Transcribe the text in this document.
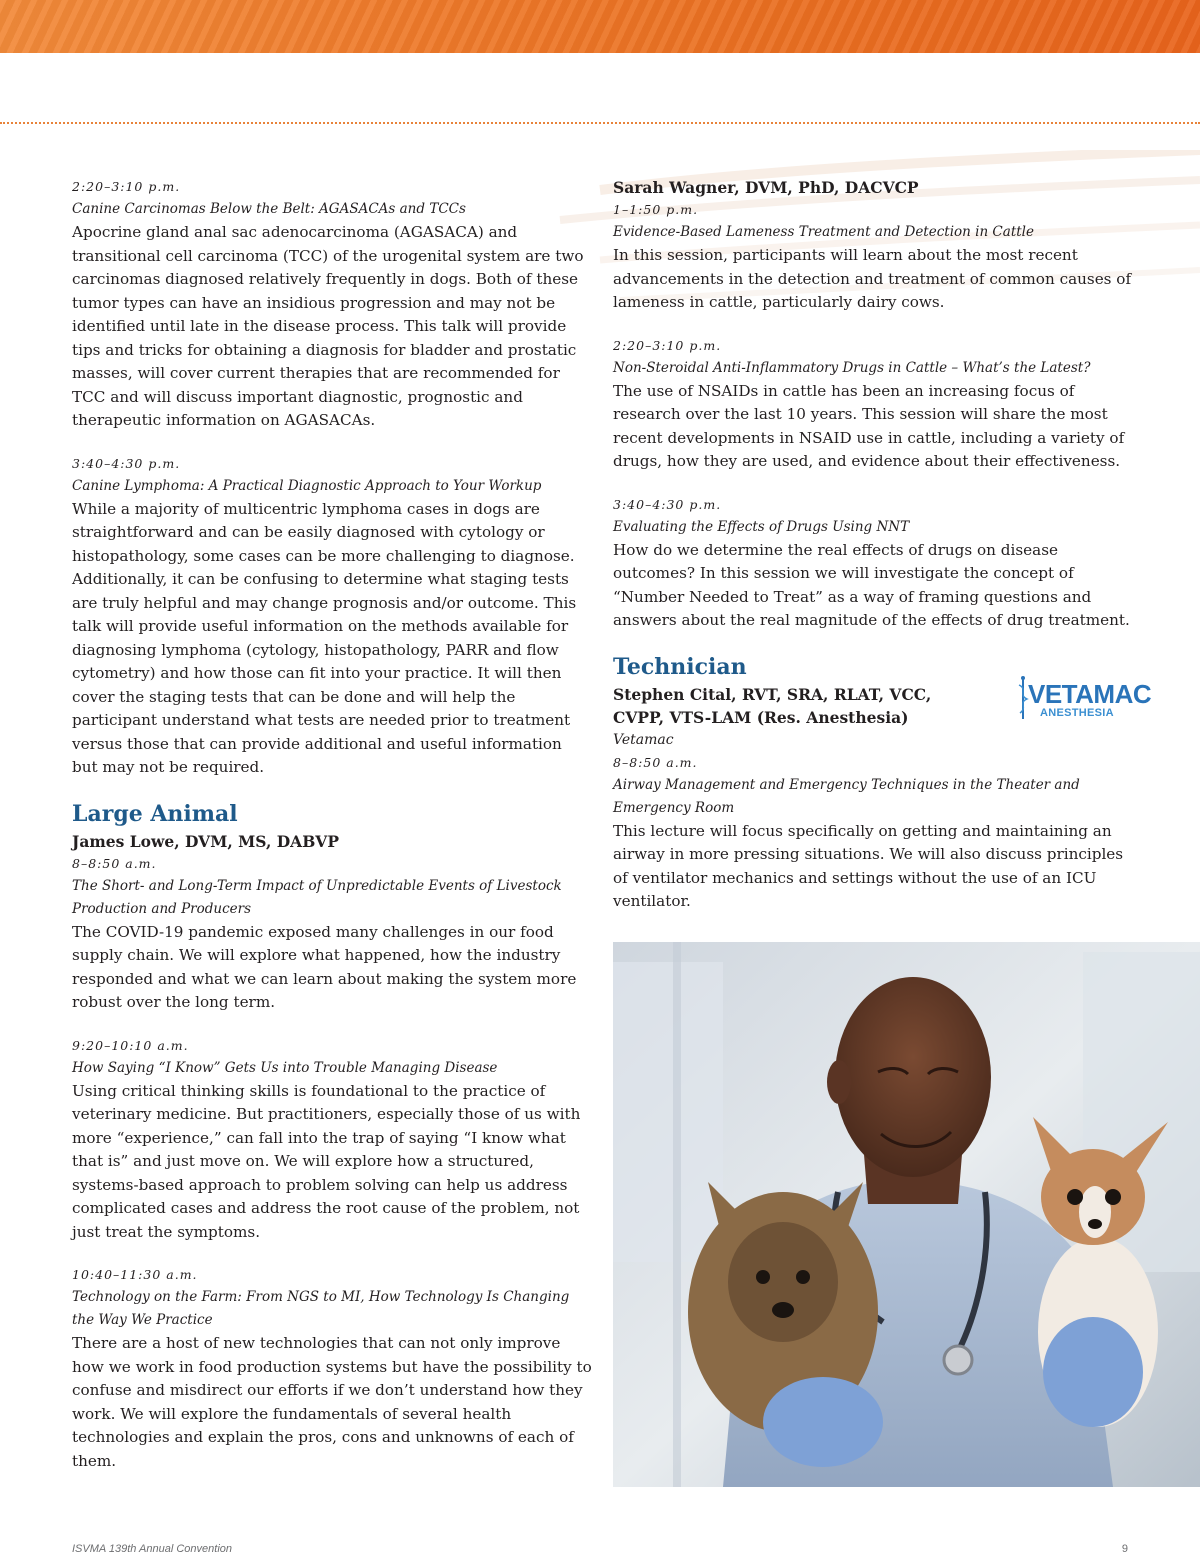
2:20–3:10 p.m.
Canine Carcinomas Below the Belt: AGASACAs and TCCs

Apocrine gland anal sac adenocarcinoma (AGASACA) and transitional cell carcinoma (TCC) of the urogenital system are two carcinomas diagnosed relatively frequently in dogs. Both of these tumor types can have an insidious progression and may not be identified until late in the disease process. This talk will provide tips and tricks for obtaining a diagnosis for bladder and prostatic masses, will cover current therapies that are recommended for TCC and will discuss important diagnostic, prognostic and therapeutic information on AGASACAs.

3:40–4:30 p.m.
Canine Lymphoma: A Practical Diagnostic Approach to Your Workup

While a majority of multicentric lymphoma cases in dogs are straightforward and can be easily diagnosed with cytology or histopathology, some cases can be more challenging to diagnose. Additionally, it can be confusing to determine what staging tests are truly helpful and may change prognosis and/or outcome. This talk will provide useful information on the methods available for diagnosing lymphoma (cytology, histopathology, PARR and flow cytometry) and how those can fit into your practice. It will then cover the staging tests that can be done and will help the participant understand what tests are needed prior to treatment versus those that can provide additional and useful information but may not be required.

Large Animal
James Lowe, DVM, MS, DABVP
8–8:50 a.m.
The Short- and Long-Term Impact of Unpredictable Events of Livestock Production and Producers

The COVID-19 pandemic exposed many challenges in our food supply chain. We will explore what happened, how the industry responded and what we can learn about making the system more robust over the long term.

9:20–10:10 a.m.
How Saying “I Know” Gets Us into Trouble Managing Disease

Using critical thinking skills is foundational to the practice of veterinary medicine. But practitioners, especially those of us with more “experience,” can fall into the trap of saying “I know what that is” and just move on. We will explore how a structured, systems-based approach to problem solving can help us address complicated cases and address the root cause of the problem, not just treat the symptoms.

10:40–11:30 a.m.
Technology on the Farm: From NGS to MI, How Technology Is Changing the Way We Practice

There are a host of new technologies that can not only improve how we work in food production systems but have the possibility to confuse and misdirect our efforts if we don’t understand how they work. We will explore the fundamentals of several health technologies and explain the pros, cons and unknowns of each of them.

Sarah Wagner, DVM, PhD, DACVCP
1–1:50 p.m.
Evidence-Based Lameness Treatment and Detection in Cattle

In this session, participants will learn about the most recent advancements in the detection and treatment of common causes of lameness in cattle, particularly dairy cows.

2:20–3:10 p.m.
Non-Steroidal Anti-Inflammatory Drugs in Cattle – What’s the Latest?

The use of NSAIDs in cattle has been an increasing focus of research over the last 10 years. This session will share the most recent developments in NSAID use in cattle, including a variety of drugs, how they are used, and evidence about their effectiveness.

3:40–4:30 p.m.
Evaluating the Effects of Drugs Using NNT

How do we determine the real effects of drugs on disease outcomes? In this session we will investigate the concept of “Number Needed to Treat” as a way of framing questions and answers about the real magnitude of the effects of drug treatment.

Technician
Stephen Cital, RVT, SRA, RLAT, VCC,
CVPP, VTS-LAM (Res. Anesthesia)
Vetamac
VETAMAC
ANESTHESIA
8–8:50 a.m.
Airway Management and Emergency Techniques in the Theater and Emergency Room

This lecture will focus specifically on getting and maintaining an airway in more pressing situations. We will also discuss principles of ventilator mechanics and settings without the use of an ICU ventilator.

ISVMA 139th Annual Convention	9
